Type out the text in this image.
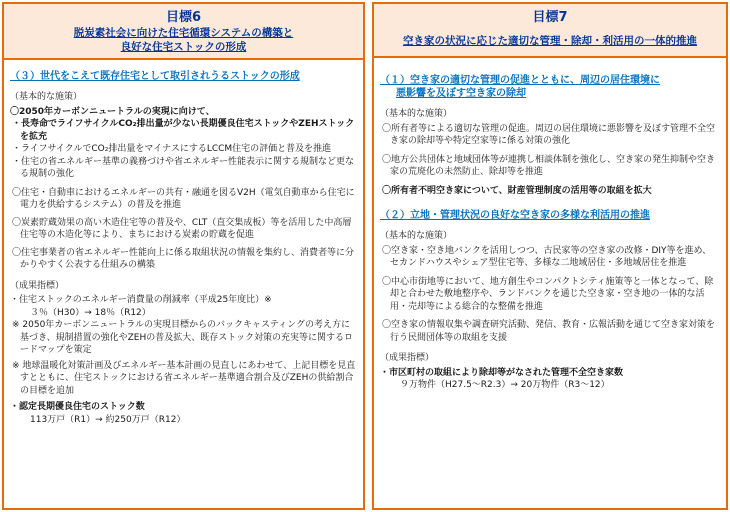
目標6
脱炭素社会に向けた住宅循環システムの構築と
良好な住宅ストックの形成
（３）世代をこえて既存住宅として取引されうるストックの形成
（基本的な施策）
〇2050年カーボンニュートラルの実現に向けて、
・長寿命でライフサイクルCO₂排出量が少ない長期優良住宅ストックやZEHストックを拡充
・ライフサイクルでCO₂排出量をマイナスにするLCCM住宅の評価と普及を推進
・住宅の省エネルギー基準の義務づけや省エネルギー性能表示に関する規制など更なる規制の強化
〇住宅・自動車におけるエネルギーの共有・融通を図るV2H（電気自動車から住宅に電力を供給するシステム）の普及を推進
〇炭素貯蔵効果の高い木造住宅等の普及や、CLT（直交集成板）等を活用した中高層住宅等の木造化等により、まちにおける炭素の貯蔵を促進
〇住宅事業者の省エネルギー性能向上に係る取組状況の情報を集約し、消費者等に分かりやすく公表する仕組みの構築
（成果指標）
・住宅ストックのエネルギー消費量の削減率（平成25年度比）※
３％（H30）→ 18％（R12）
※ 2050年カーボンニュートラルの実現目標からのバックキャスティングの考え方に基づき、規制措置の強化やZEHの普及拡大、既存ストック対策の充実等に関するロードマップを策定
※ 地球温暖化対策計画及びエネルギー基本計画の見直しにあわせて、上記目標を見直すとともに、住宅ストックにおける省エネルギー基準適合割合及びZEHの供給割合の目標を追加
・認定長期優良住宅のストック数
113万戸（R1）→ 約250万戸（R12）
目標7
空き家の状況に応じた適切な管理・除却・利活用の一体的推進
（１）空き家の適切な管理の促進とともに、周辺の居住環境に
悪影響を及ぼす空き家の除却
（基本的な施策）
〇所有者等による適切な管理の促進。周辺の居住環境に悪影響を及ぼす管理不全空き家の除却等や特定空家等に係る対策の強化
〇地方公共団体と地域団体等が連携し相談体制を強化し、空き家の発生抑制や空き家の荒廃化の未然防止、除却等を推進
〇所有者不明空き家について、財産管理制度の活用等の取組を拡大
（２）立地・管理状況の良好な空き家の多様な利活用の推進
（基本的な施策）
〇空き家・空き地バンクを活用しつつ、古民家等の空き家の改修・DIY等を進め、セカンドハウスやシェア型住宅等、多様な二地域居住・多地域居住を推進
〇中心市街地等において、地方創生やコンパクトシティ施策等と一体となって、除却と合わせた敷地整序や、ランドバンクを通じた空き家・空き地の一体的な活用・売却等による総合的な整備を推進
〇空き家の情報収集や調査研究活動、発信、教育・広報活動を通じて空き家対策を行う民間団体等の取組を支援
（成果指標）
・市区町村の取組により除却等がなされた管理不全空き家数
９万物件（H27.5～R2.3）→ 20万物件（R3～12）
